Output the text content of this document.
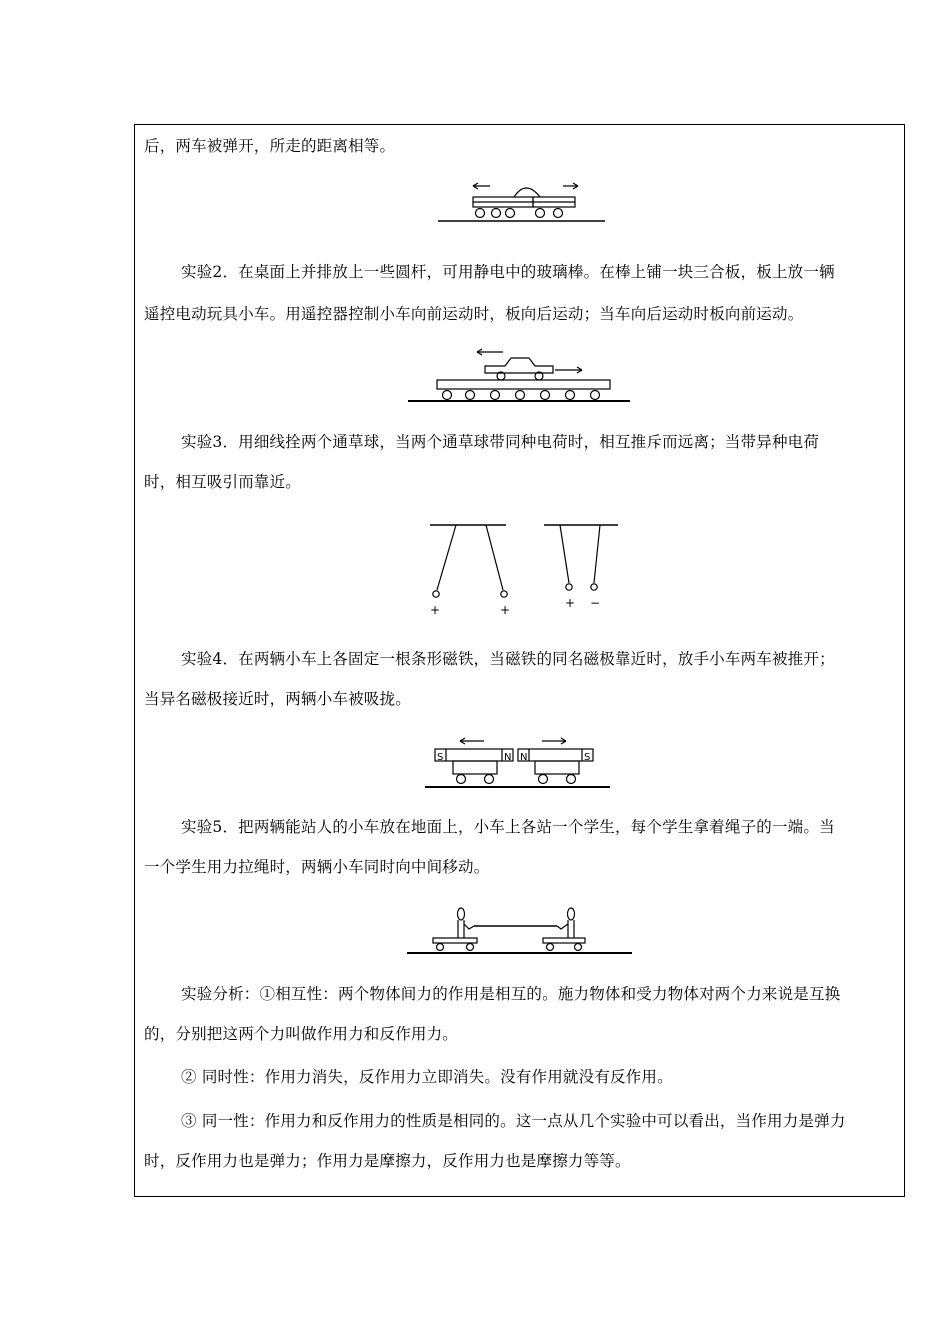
后，两车被弹开，所走的距离相等。
实验2．在桌面上并排放上一些圆杆，可用静电中的玻璃棒。在棒上铺一块三合板，板上放一辆
遥控电动玩具小车。用遥控器控制小车向前运动时，板向后运动；当车向后运动时板向前运动。
实验3．用细线拴两个通草球，当两个通草球带同种电荷时，相互推斥而远离；当带异种电荷
时，相互吸引而靠近。
实验4．在两辆小车上各固定一根条形磁铁，当磁铁的同名磁极靠近时，放手小车两车被推开；
当异名磁极接近时，两辆小车被吸拢。
实验5．把两辆能站人的小车放在地面上，小车上各站一个学生，每个学生拿着绳子的一端。当
一个学生用力拉绳时，两辆小车同时向中间移动。
实验分析：①相互性：两个物体间力的作用是相互的。施力物体和受力物体对两个力来说是互换
的，分别把这两个力叫做作用力和反作用力。
② 同时性：作用力消失，反作用力立即消失。没有作用就没有反作用。
③ 同一性：作用力和反作用力的性质是相同的。这一点从几个实验中可以看出，当作用力是弹力
时，反作用力也是弹力；作用力是摩擦力，反作用力也是摩擦力等等。
+	+	+ −
S	N N	S
